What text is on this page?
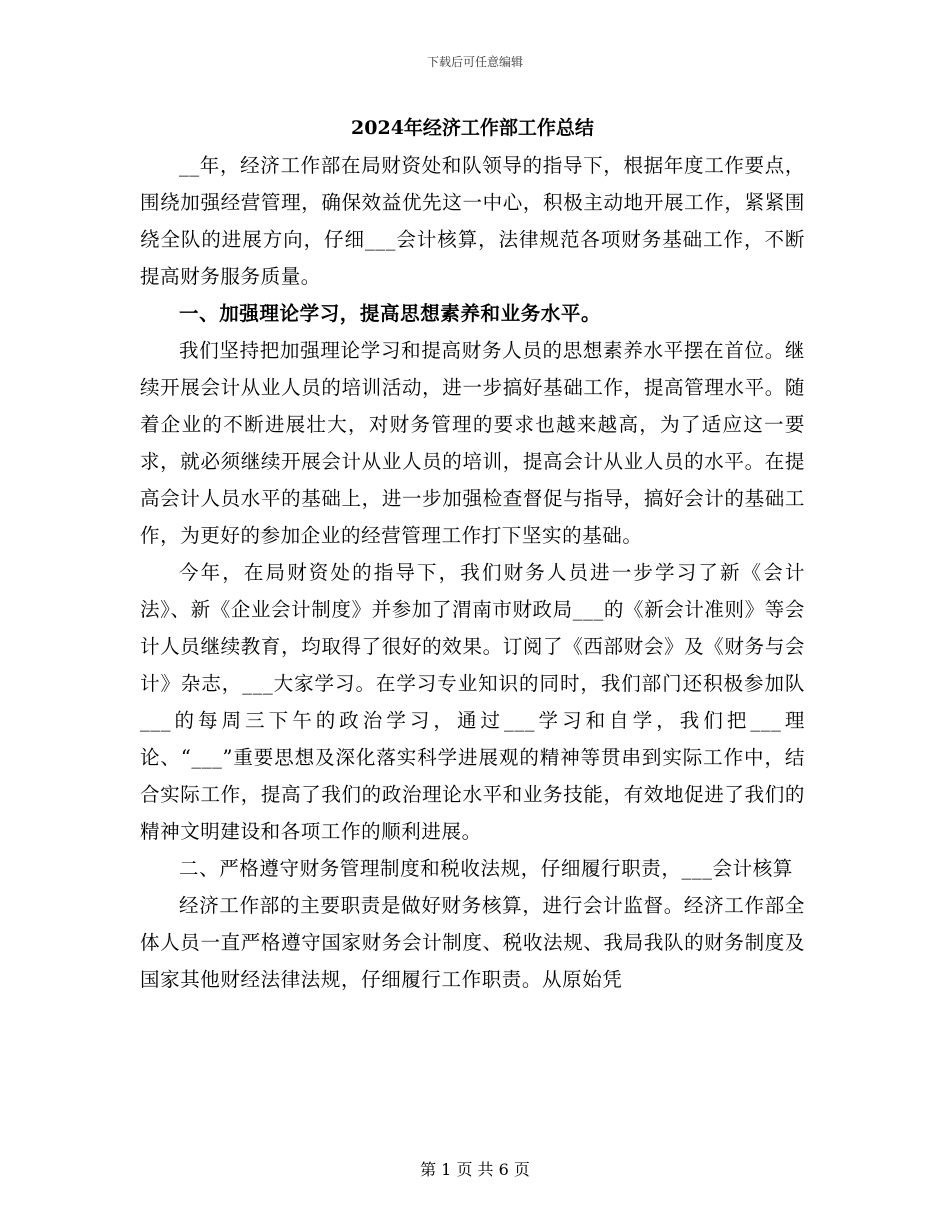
下载后可任意编辑
2024年经济工作部工作总结

__年，经济工作部在局财资处和队领导的指导下，根据年度工作要点，围绕加强经营管理，确保效益优先这一中心，积极主动地开展工作，紧紧围绕全队的进展方向，仔细___会计核算，法律规范各项财务基础工作，不断提高财务服务质量。

一、加强理论学习，提高思想素养和业务水平。

我们坚持把加强理论学习和提高财务人员的思想素养水平摆在首位。继续开展会计从业人员的培训活动，进一步搞好基础工作，提高管理水平。随着企业的不断进展壮大，对财务管理的要求也越来越高，为了适应这一要求，就必须继续开展会计从业人员的培训，提高会计从业人员的水平。在提高会计人员水平的基础上，进一步加强检查督促与指导，搞好会计的基础工作，为更好的参加企业的经营管理工作打下坚实的基础。

今年，在局财资处的指导下，我们财务人员进一步学习了新《会计法》、新《企业会计制度》并参加了渭南市财政局___的《新会计准则》等会计人员继续教育，均取得了很好的效果。订阅了《西部财会》及《财务与会计》杂志，___大家学习。在学习专业知识的同时，我们部门还积极参加队___的每周三下午的政治学习，通过___学习和自学，我们把___理论、“___”重要思想及深化落实科学进展观的精神等贯串到实际工作中，结合实际工作，提高了我们的政治理论水平和业务技能，有效地促进了我们的精神文明建设和各项工作的顺利进展。

二、严格遵守财务管理制度和税收法规，仔细履行职责，___会计核算

经济工作部的主要职责是做好财务核算，进行会计监督。经济工作部全体人员一直严格遵守国家财务会计制度、税收法规、我局我队的财务制度及国家其他财经法律法规，仔细履行工作职责。从原始凭

第 1 页 共 6 页
